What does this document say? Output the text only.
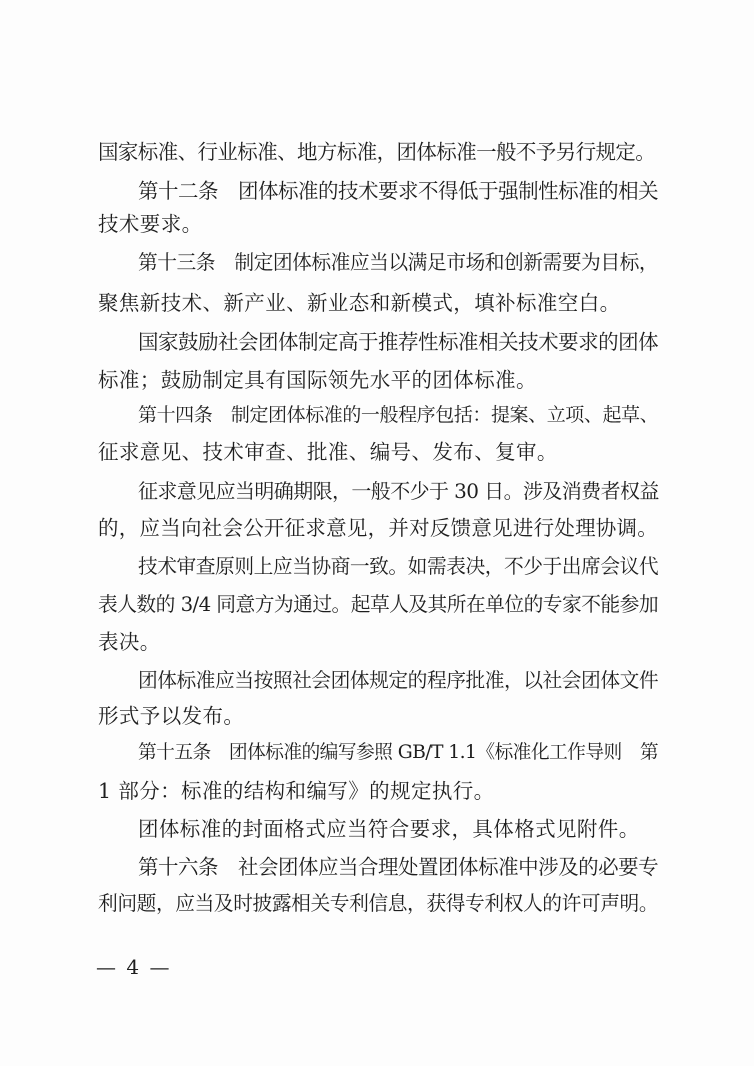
国家标准、行业标准、地方标准，团体标准一般不予另行规定。
第十二条　团体标准的技术要求不得低于强制性标准的相关
技术要求。
第十三条　制定团体标准应当以满足市场和创新需要为目标，
聚焦新技术、新产业、新业态和新模式，填补标准空白。
国家鼓励社会团体制定高于推荐性标准相关技术要求的团体
标准；鼓励制定具有国际领先水平的团体标准。
第十四条　制定团体标准的一般程序包括：提案、立项、起草、
征求意见、技术审查、批准、编号、发布、复审。
征求意见应当明确期限，一般不少于 30 日。涉及消费者权益
的，应当向社会公开征求意见，并对反馈意见进行处理协调。
技术审查原则上应当协商一致。如需表决，不少于出席会议代
表人数的 3/4 同意方为通过。起草人及其所在单位的专家不能参加
表决。
团体标准应当按照社会团体规定的程序批准，以社会团体文件
形式予以发布。
第十五条　团体标准的编写参照 GB/T 1.1《标准化工作导则　第
1 部分：标准的结构和编写》的规定执行。
团体标准的封面格式应当符合要求，具体格式见附件。
第十六条　社会团体应当合理处置团体标准中涉及的必要专
利问题，应当及时披露相关专利信息，获得专利权人的许可声明。
— 4 —
